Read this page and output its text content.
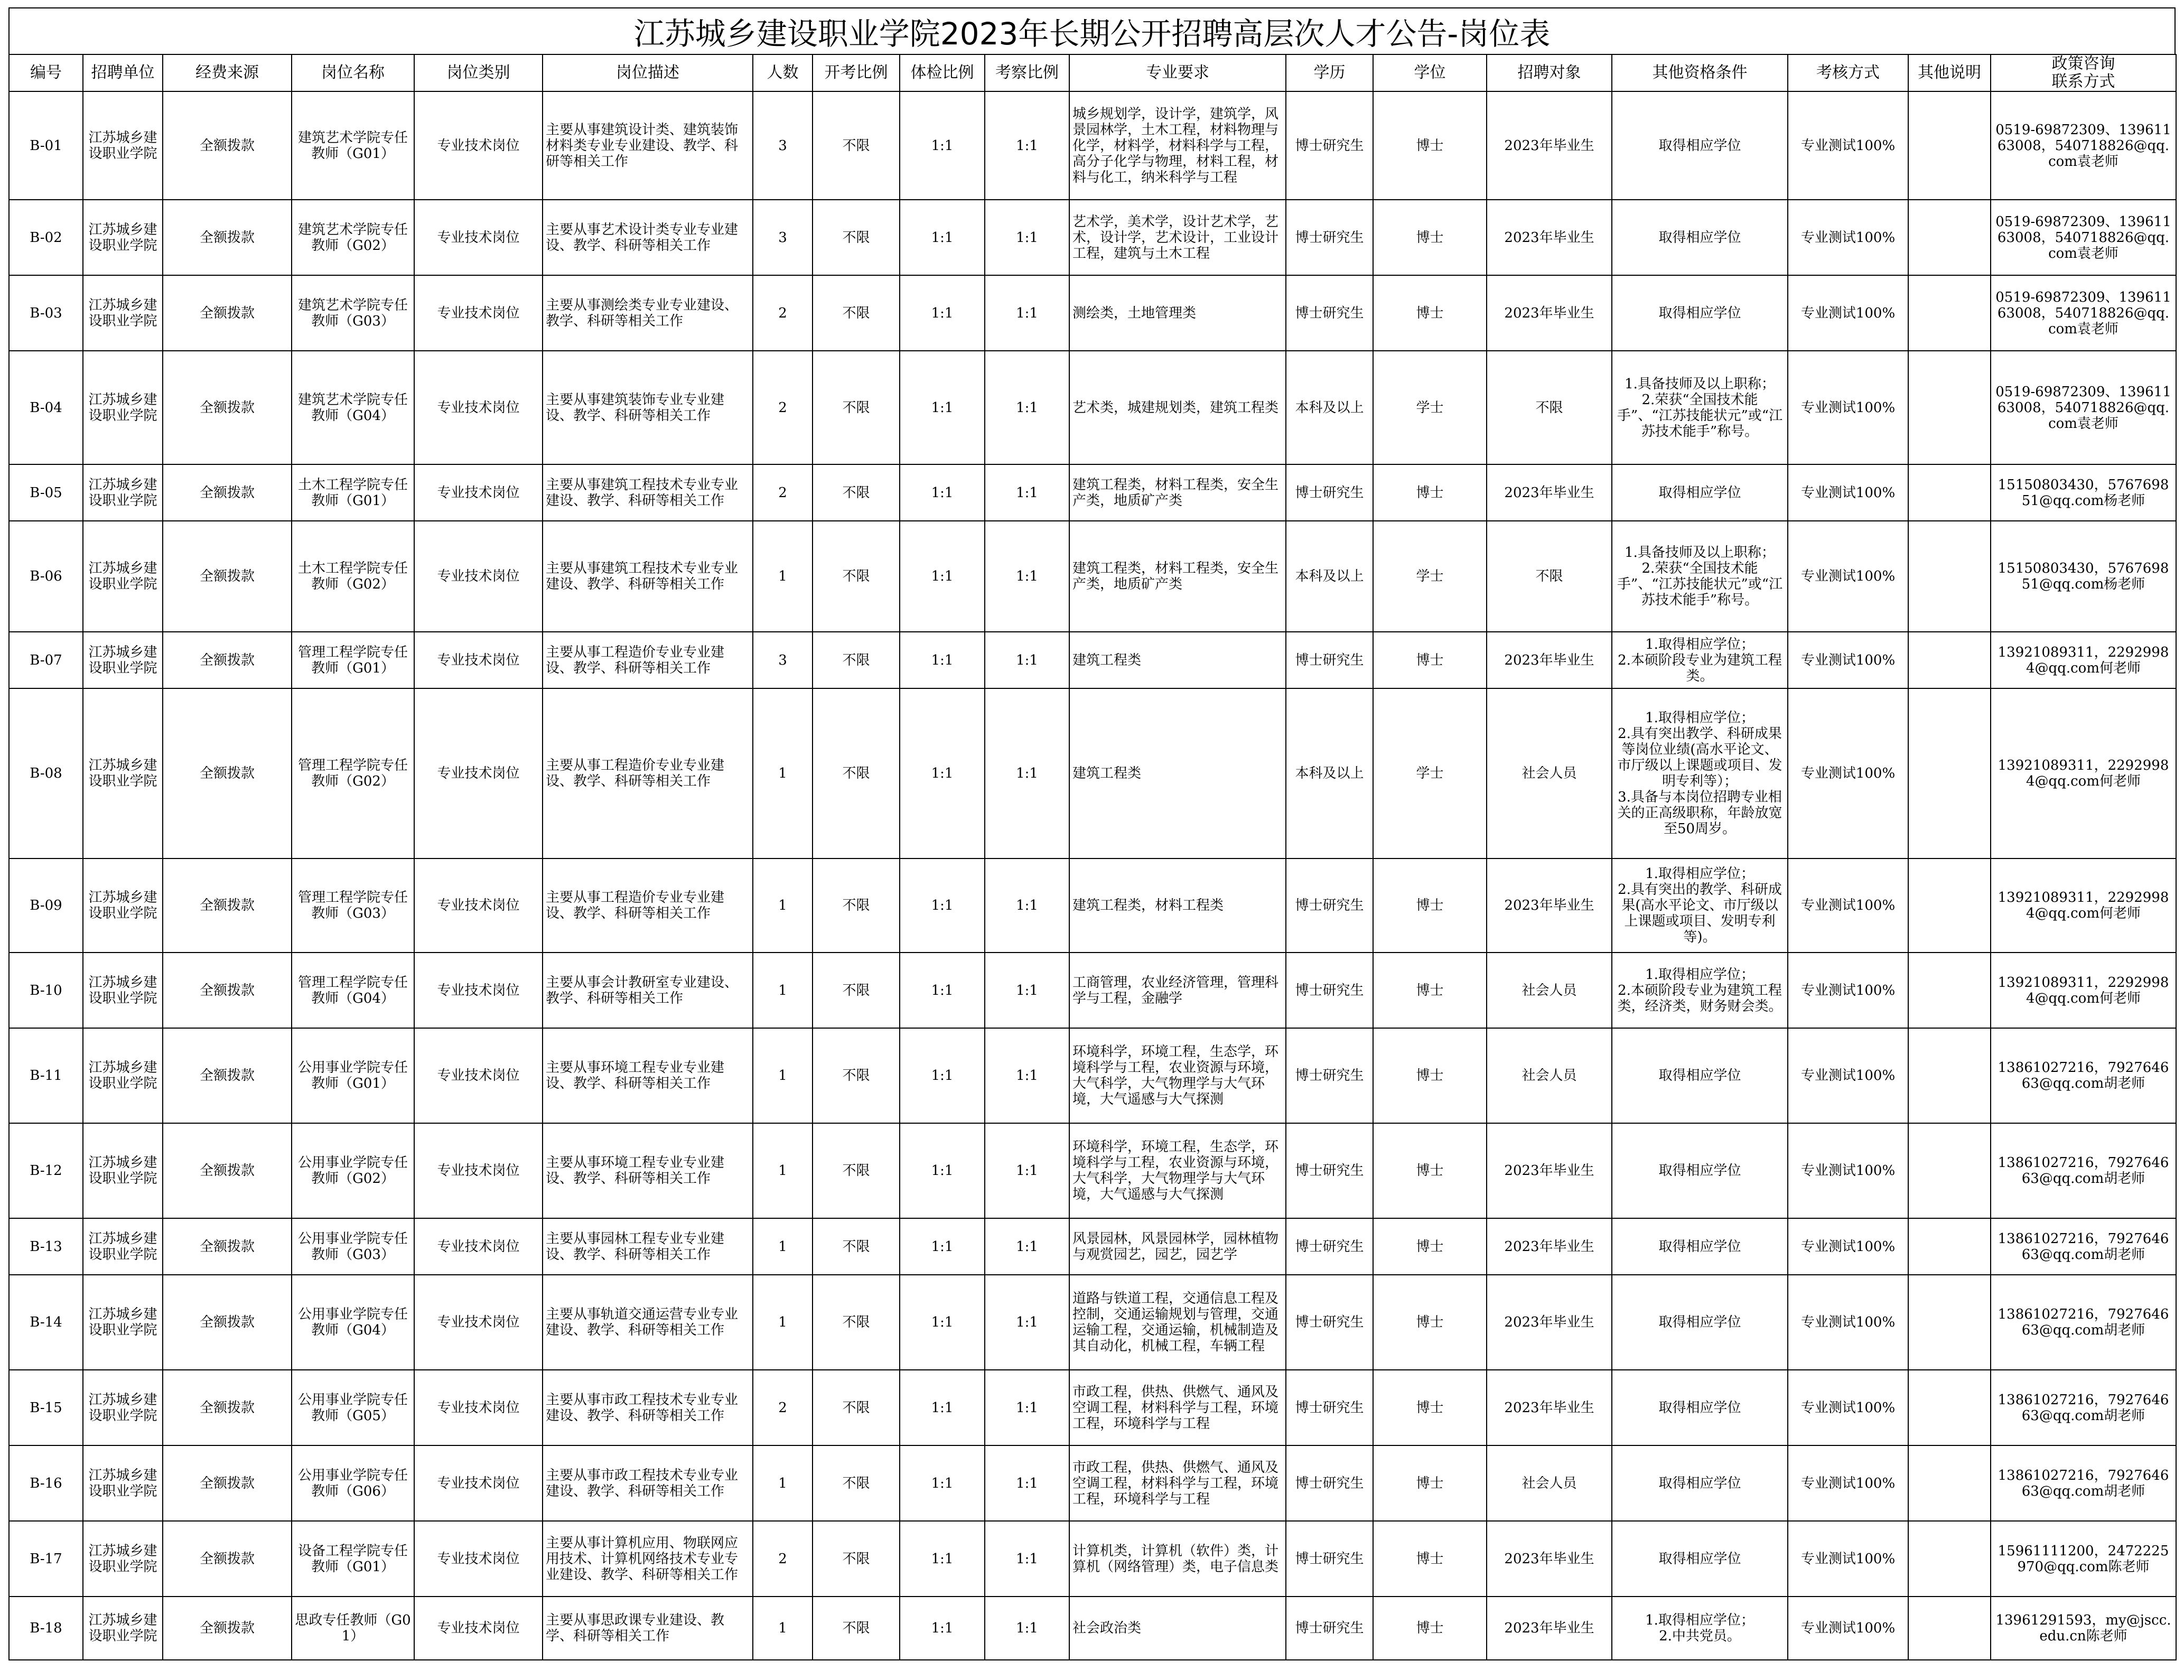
江苏城乡建设职业学院2023年长期公开招聘高层次人才公告-岗位表
编号	招聘单位	经费来源	岗位名称	岗位类别	岗位描述	人数	开考比例	体检比例	考察比例	专业要求	学历	学位	招聘对象	其他资格条件	考核方式	其他说明	政策咨询
联系方式

B-01	江苏城乡建设职业学院	全额拨款	建筑艺术学院专任教师（G01）	专业技术岗位	主要从事建筑设计类、建筑装饰材料类专业专业建设、教学、科研等相关工作	3	不限	1:1	1:1	城乡规划学，设计学，建筑学，风景园林学，土木工程，材料物理与化学，材料学，材料科学与工程，高分子化学与物理，材料工程，材料与化工，纳米科学与工程	博士研究生	博士	2023年毕业生	取得相应学位	专业测试100%		0519-69872309、13961163008，540718826@qq.com袁老师
B-02	江苏城乡建设职业学院	全额拨款	建筑艺术学院专任教师（G02）	专业技术岗位	主要从事艺术设计类专业专业建设、教学、科研等相关工作	3	不限	1:1	1:1	艺术学，美术学，设计艺术学，艺术，设计学，艺术设计，工业设计工程，建筑与土木工程	博士研究生	博士	2023年毕业生	取得相应学位	专业测试100%		0519-69872309、13961163008，540718826@qq.com袁老师
B-03	江苏城乡建设职业学院	全额拨款	建筑艺术学院专任教师（G03）	专业技术岗位	主要从事测绘类专业专业建设、教学、科研等相关工作	2	不限	1:1	1:1	测绘类，土地管理类	博士研究生	博士	2023年毕业生	取得相应学位	专业测试100%		0519-69872309、13961163008，540718826@qq.com袁老师
B-04	江苏城乡建设职业学院	全额拨款	建筑艺术学院专任教师（G04）	专业技术岗位	主要从事建筑装饰专业专业建设、教学、科研等相关工作	2	不限	1:1	1:1	艺术类，城建规划类，建筑工程类	本科及以上	学士	不限	1.具备技师及以上职称；
2.荣获“全国技术能手”、“江苏技能状元”或“江苏技术能手”称号。	专业测试100%		0519-69872309、13961163008，540718826@qq.com袁老师
B-05	江苏城乡建设职业学院	全额拨款	土木工程学院专任教师（G01）	专业技术岗位	主要从事建筑工程技术专业专业建设、教学、科研等相关工作	2	不限	1:1	1:1	建筑工程类，材料工程类，安全生产类，地质矿产类	博士研究生	博士	2023年毕业生	取得相应学位	专业测试100%		15150803430，576769851@qq.com杨老师
B-06	江苏城乡建设职业学院	全额拨款	土木工程学院专任教师（G02）	专业技术岗位	主要从事建筑工程技术专业专业建设、教学、科研等相关工作	1	不限	1:1	1:1	建筑工程类，材料工程类，安全生产类，地质矿产类	本科及以上	学士	不限	1.具备技师及以上职称；
2.荣获“全国技术能手”、“江苏技能状元”或“江苏技术能手”称号。	专业测试100%		15150803430，576769851@qq.com杨老师
B-07	江苏城乡建设职业学院	全额拨款	管理工程学院专任教师（G01）	专业技术岗位	主要从事工程造价专业专业建设、教学、科研等相关工作	3	不限	1:1	1:1	建筑工程类	博士研究生	博士	2023年毕业生	1.取得相应学位；
2.本硕阶段专业为建筑工程类。	专业测试100%		13921089311，22929984@qq.com何老师
B-08	江苏城乡建设职业学院	全额拨款	管理工程学院专任教师（G02）	专业技术岗位	主要从事工程造价专业专业建设、教学、科研等相关工作	1	不限	1:1	1:1	建筑工程类	本科及以上	学士	社会人员	1.取得相应学位；
2.具有突出教学、科研成果等岗位业绩(高水平论文、市厅级以上课题或项目、发明专利等）；
3.具备与本岗位招聘专业相关的正高级职称，年龄放宽至50周岁。	专业测试100%		13921089311，22929984@qq.com何老师
B-09	江苏城乡建设职业学院	全额拨款	管理工程学院专任教师（G03）	专业技术岗位	主要从事工程造价专业专业建设、教学、科研等相关工作	1	不限	1:1	1:1	建筑工程类，材料工程类	博士研究生	博士	2023年毕业生	1.取得相应学位；
2.具有突出的教学、科研成果(高水平论文、市厅级以上课题或项目、发明专利等)。	专业测试100%		13921089311，22929984@qq.com何老师
B-10	江苏城乡建设职业学院	全额拨款	管理工程学院专任教师（G04）	专业技术岗位	主要从事会计教研室专业建设、教学、科研等相关工作	1	不限	1:1	1:1	工商管理，农业经济管理，管理科学与工程，金融学	博士研究生	博士	社会人员	1.取得相应学位；
2.本硕阶段专业为建筑工程类，经济类，财务财会类。	专业测试100%		13921089311，22929984@qq.com何老师
B-11	江苏城乡建设职业学院	全额拨款	公用事业学院专任教师（G01）	专业技术岗位	主要从事环境工程专业专业建设、教学、科研等相关工作	1	不限	1:1	1:1	环境科学，环境工程，生态学，环境科学与工程，农业资源与环境，大气科学，大气物理学与大气环境，大气遥感与大气探测	博士研究生	博士	社会人员	取得相应学位	专业测试100%		13861027216，792764663@qq.com胡老师
B-12	江苏城乡建设职业学院	全额拨款	公用事业学院专任教师（G02）	专业技术岗位	主要从事环境工程专业专业建设、教学、科研等相关工作	1	不限	1:1	1:1	环境科学，环境工程，生态学，环境科学与工程，农业资源与环境，大气科学，大气物理学与大气环境，大气遥感与大气探测	博士研究生	博士	2023年毕业生	取得相应学位	专业测试100%		13861027216，792764663@qq.com胡老师
B-13	江苏城乡建设职业学院	全额拨款	公用事业学院专任教师（G03）	专业技术岗位	主要从事园林工程专业专业建设、教学、科研等相关工作	1	不限	1:1	1:1	风景园林，风景园林学，园林植物与观赏园艺，园艺，园艺学	博士研究生	博士	2023年毕业生	取得相应学位	专业测试100%		13861027216，792764663@qq.com胡老师
B-14	江苏城乡建设职业学院	全额拨款	公用事业学院专任教师（G04）	专业技术岗位	主要从事轨道交通运营专业专业建设、教学、科研等相关工作	1	不限	1:1	1:1	道路与铁道工程，交通信息工程及控制，交通运输规划与管理，交通运输工程，交通运输，机械制造及其自动化，机械工程，车辆工程	博士研究生	博士	2023年毕业生	取得相应学位	专业测试100%		13861027216，792764663@qq.com胡老师
B-15	江苏城乡建设职业学院	全额拨款	公用事业学院专任教师（G05）	专业技术岗位	主要从事市政工程技术专业专业建设、教学、科研等相关工作	2	不限	1:1	1:1	市政工程，供热、供燃气、通风及空调工程，材料科学与工程，环境工程，环境科学与工程	博士研究生	博士	2023年毕业生	取得相应学位	专业测试100%		13861027216，792764663@qq.com胡老师
B-16	江苏城乡建设职业学院	全额拨款	公用事业学院专任教师（G06）	专业技术岗位	主要从事市政工程技术专业专业建设、教学、科研等相关工作	1	不限	1:1	1:1	市政工程，供热、供燃气、通风及空调工程，材料科学与工程，环境工程，环境科学与工程	博士研究生	博士	社会人员	取得相应学位	专业测试100%		13861027216，792764663@qq.com胡老师
B-17	江苏城乡建设职业学院	全额拨款	设备工程学院专任教师（G01）	专业技术岗位	主要从事计算机应用、物联网应用技术、计算机网络技术专业专业建设、教学、科研等相关工作	2	不限	1:1	1:1	计算机类，计算机（软件）类，计算机（网络管理）类，电子信息类	博士研究生	博士	2023年毕业生	取得相应学位	专业测试100%		15961111200，2472225970@qq.com陈老师
B-18	江苏城乡建设职业学院	全额拨款	思政专任教师（G01）	专业技术岗位	主要从事思政课专业建设、教学、科研等相关工作	1	不限	1:1	1:1	社会政治类	博士研究生	博士	2023年毕业生	1.取得相应学位；
2.中共党员。	专业测试100%		13961291593，my@jscc.edu.cn陈老师
